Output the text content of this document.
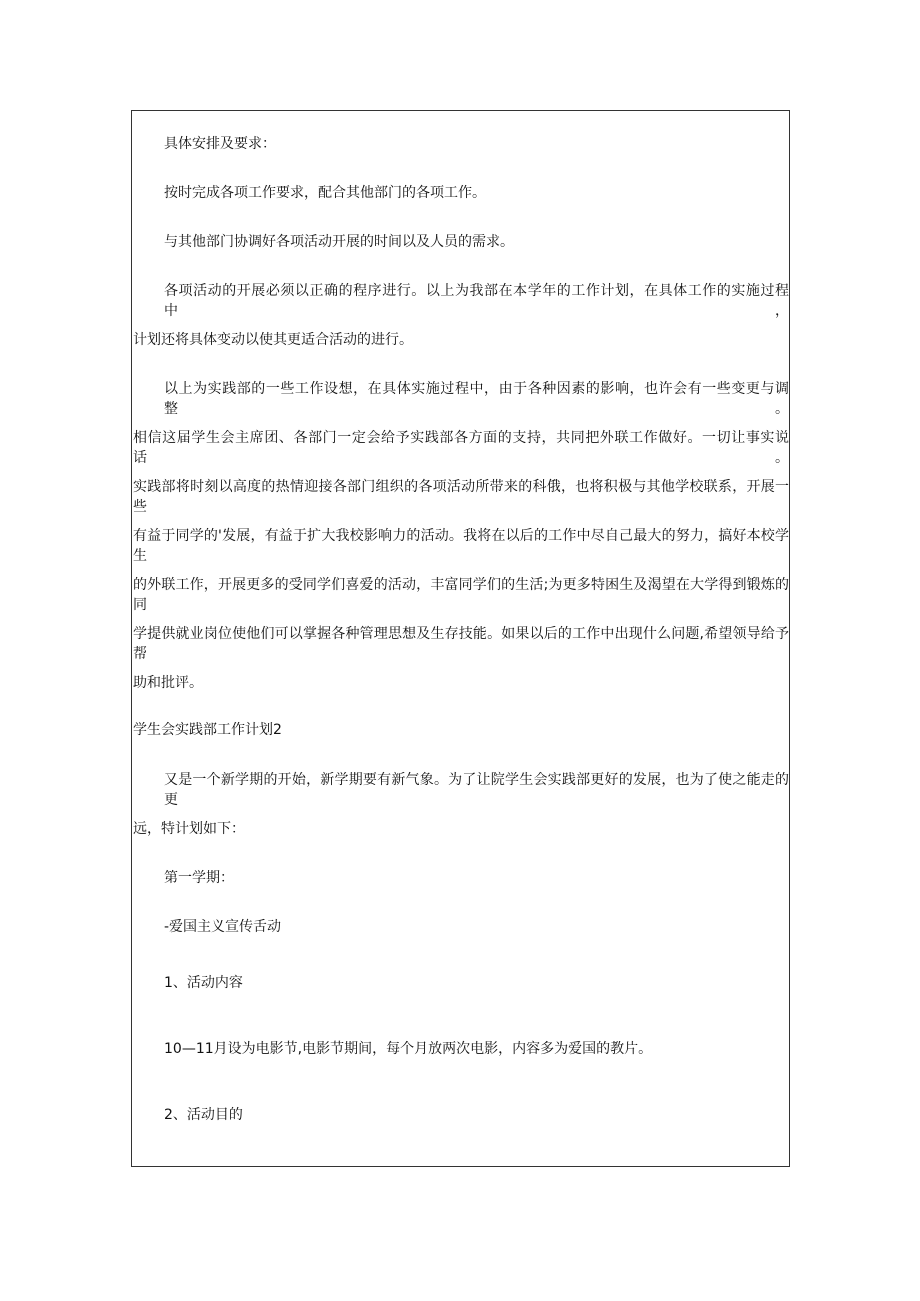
具体安排及要求：
按时完成各项工作要求，配合其他部门的各项工作。
与其他部门协调好各项活动开展的时间以及人员的需求。
各项活动的开展必须以正确的程序进行。以上为我部在本学年的工作计划，在具体工作的实施过程中，
计划还将具体变动以使其更适合活动的进行。
以上为实践部的一些工作设想，在具体实施过程中，由于各种因素的影响，也许会有一些变更与调整。
相信这届学生会主席团、各部门一定会给予实践部各方面的支持，共同把外联工作做好。一切让事实说话。
实践部将时刻以高度的热情迎接各部门组织的各项活动所带来的科俄，也将积极与其他学校联系，开展一些
有益于同学的'发展，有益于扩大我校影响力的活动。我将在以后的工作中尽自己最大的努力，搞好本校学生
的外联工作，开展更多的受同学们喜爱的活动，丰富同学们的生活;为更多特困生及渴望在大学得到锻炼的同
学提供就业岗位使他们可以掌握各种管理思想及生存技能。如果以后的工作中出现什么问题,希望领导给予帮
助和批评。
学生会实践部工作计划2
又是一个新学期的开始，新学期要有新气象。为了让院学生会实践部更好的发展，也为了使之能走的更
远，特计划如下：
第一学期：
-爱国主义宣传舌动
1、活动内容
10—11月设为电影节,电影节期间，每个月放两次电影，内容多为爱国的教片。
2、活动目的
